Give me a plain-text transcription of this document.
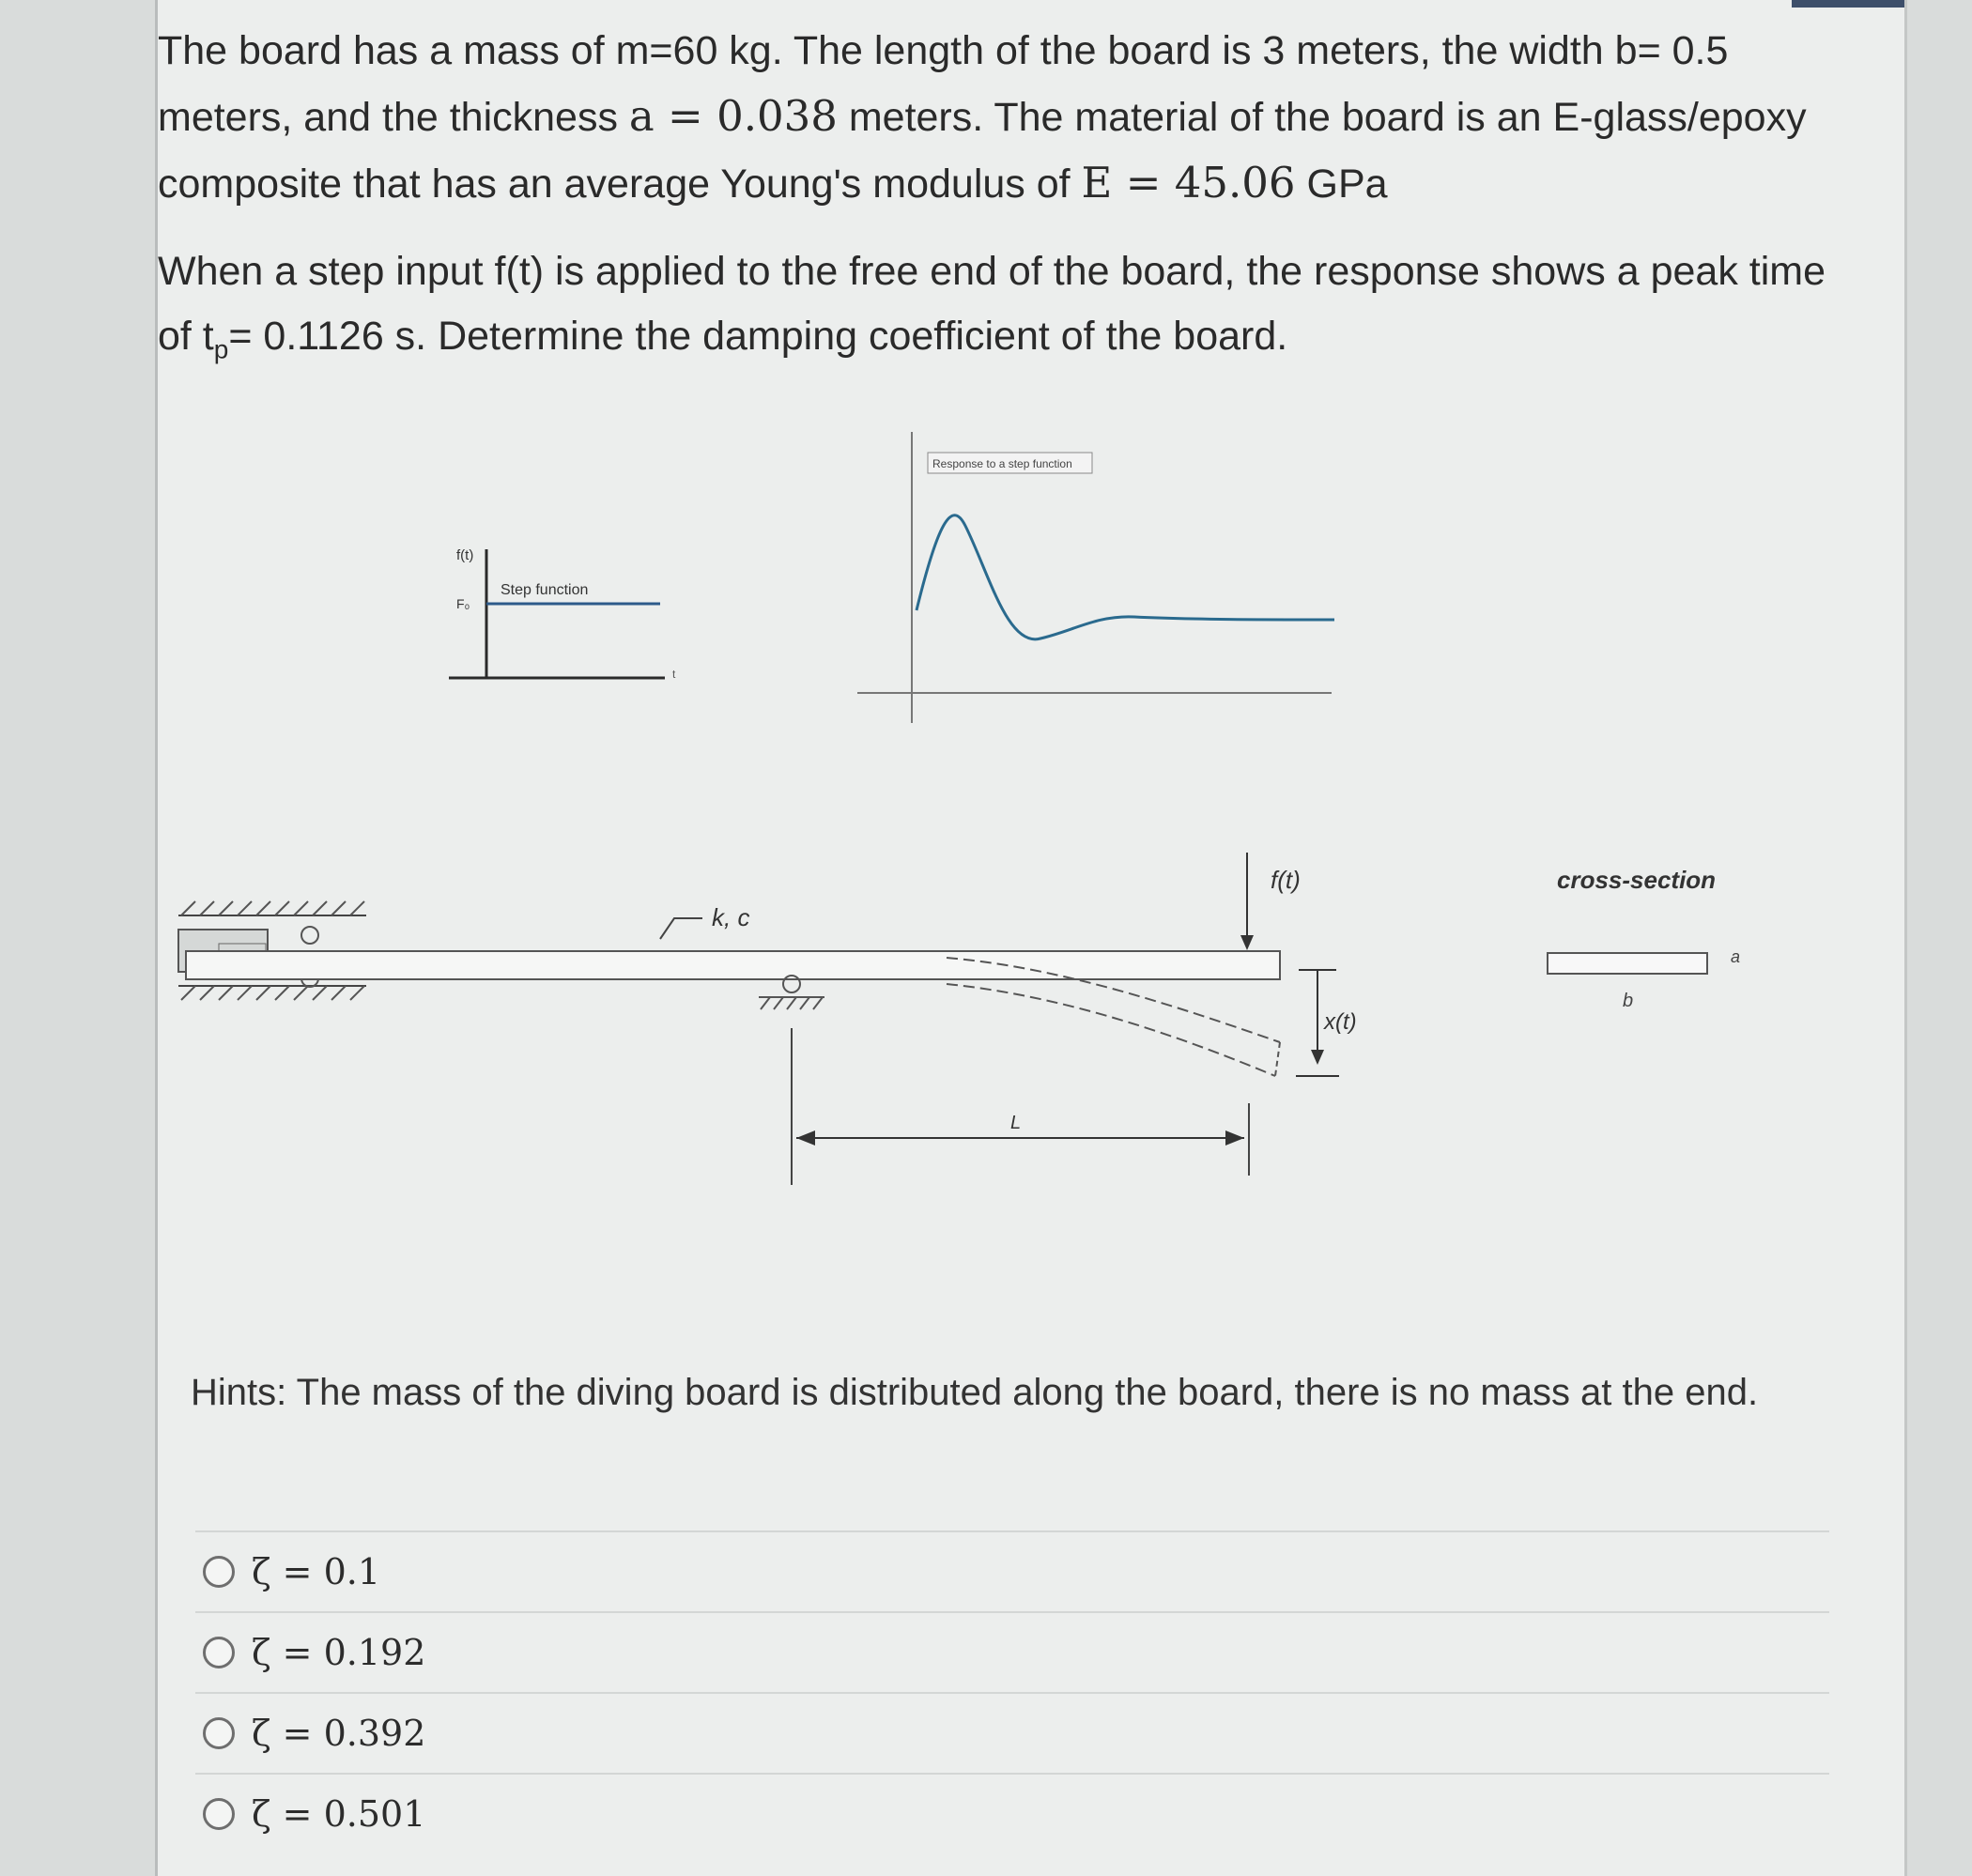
The board has a mass of m=60 kg. The length of the board is 3 meters, the width b= 0.5
meters, and the thickness a = 0.038 meters. The material of the board is an E-glass/epoxy
composite that has an average Young's modulus of E = 45.06 GPa

When a step input f(t) is applied to the free end of the board, the response shows a peak time
of $t_p= 0.1126$ s. Determine the damping coefficient of the board.

f(t)
F₀
Step function
t
Response to a step function
k, c
f(t)
x(t)
L
cross-section
a
b

Hints: The mass of the diving board is distributed along the board, there is no mass at the end.

ζ = 0.1
ζ = 0.192
ζ = 0.392
ζ = 0.501
